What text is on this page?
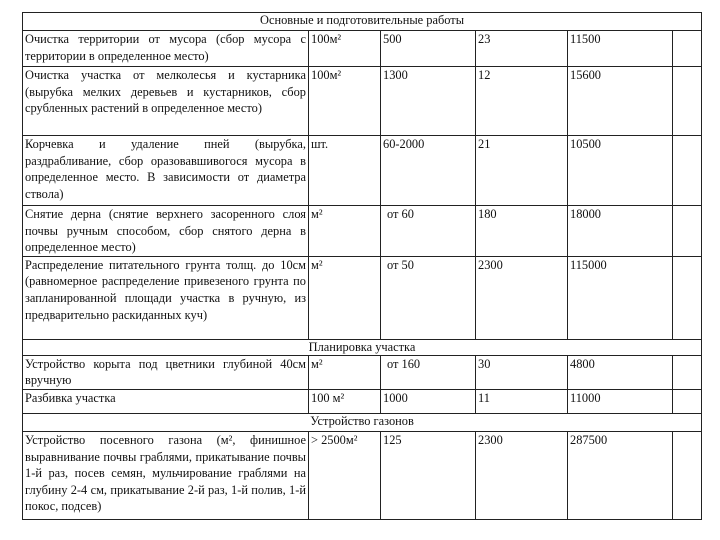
Основные и подготовительные работы					
Очистка территории от мусора (сбор мусора с территории в определенное место)	100м²	500	23	11500	
Очистка участка от мелколесья и кустарника (вырубка мелких деревьев и кустарников, сбор срубленных растений в определенное место)	100м²	1300	12	15600	
Корчевка и удаление пней (вырубка, раздрабливание, сбор оразовавшивогося мусора в определенное место. В зависимости от диаметра ствола)	шт.	60-2000	21	10500	
Снятие дерна (снятие верхнего засоренного слоя почвы ручным способом, сбор снятого дерна в определенное место)	м²	от 60	180	18000	
Распределение питательного грунта толщ. до 10см (равномерное распределение привезеного грунта по запланированной площади участка в ручную, из предварительно раскиданных куч)	м²	от 50	2300	115000	
Планировка участка					
Устройство корыта под цветники глубиной 40см вручную	м²	от 160	30	4800	
Разбивка участка	100 м²	1000	11	11000	
Устройство газонов					
Устройство посевного газона (м², финишное выравнивание почвы граблями, прикатывание почвы 1-й раз, посев семян, мульчирование граблями на глубину 2-4 см, прикатывание 2-й раз, 1-й полив, 1-й покос, подсев)	> 2500м²	125	2300	287500	
